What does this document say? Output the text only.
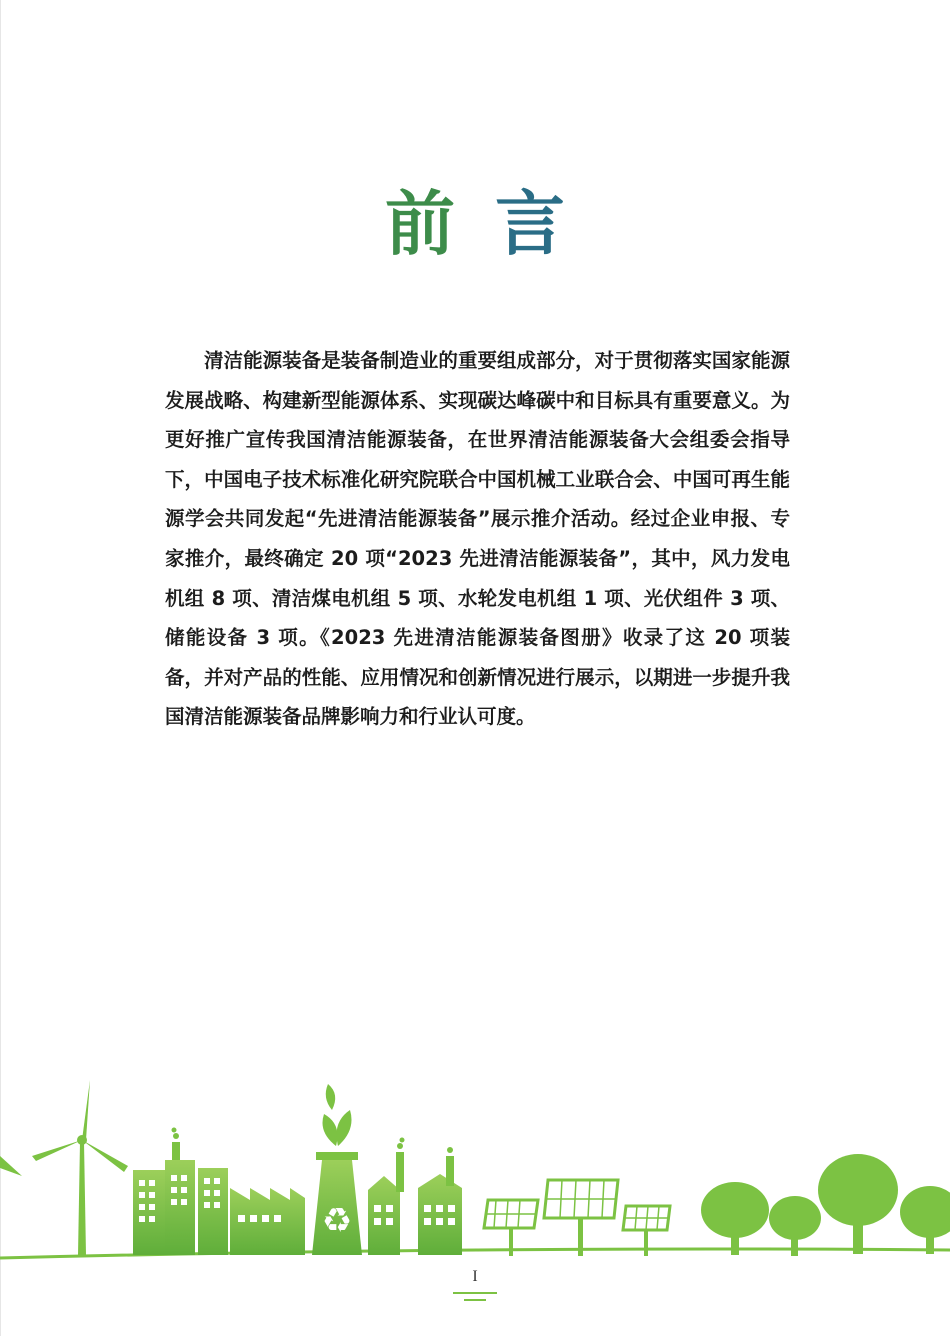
前言

清洁能源装备是装备制造业的重要组成部分，对于贯彻落实国家能源发展战略、构建新型能源体系、实现碳达峰碳中和目标具有重要意义。为更好推广宣传我国清洁能源装备，在世界清洁能源装备大会组委会指导下，中国电子技术标准化研究院联合中国机械工业联合会、中国可再生能源学会共同发起“先进清洁能源装备”展示推介活动。经过企业申报、专家推介，最终确定 20 项“2023 先进清洁能源装备”，其中，风力发电机组 8 项、清洁煤电机组 5 项、水轮发电机组 1 项、光伏组件 3 项、储能设备 3 项。《2023 先进清洁能源装备图册》收录了这 20 项装备，并对产品的性能、应用情况和创新情况进行展示，以期进一步提升我国清洁能源装备品牌影响力和行业认可度。

♻
I
